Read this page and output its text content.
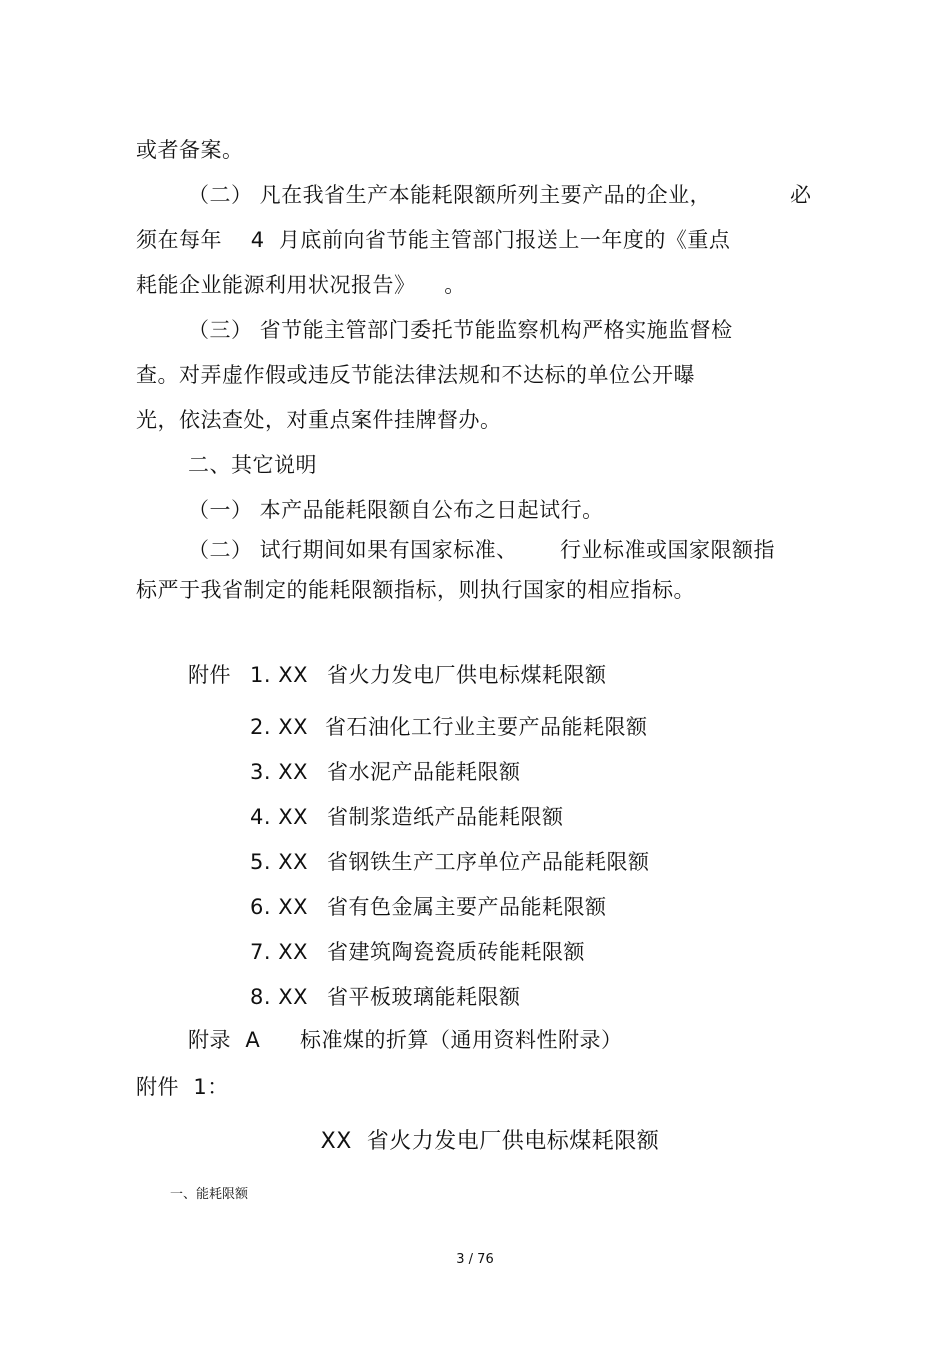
或者备案。
（二） 凡在我省生产本能耗限额所列主要产品的企业，	必
须在每年    4  月底前向省节能主管部门报送上一年度的《重点
耗能企业能源利用状况报告》    。
（三） 省节能主管部门委托节能监察机构严格实施监督检
查。对弄虚作假或违反节能法律法规和不达标的单位公开曝
光，依法查处，对重点案件挂牌督办。
二、其它说明
（一） 本产品能耗限额自公布之日起试行。
（二） 试行期间如果有国家标准、 行业标准或国家限额指
标严于我省制定的能耗限额指标，则执行国家的相应指标。
附件 1. XX 省火力发电厂供电标煤耗限额
2. XX 省石油化工行业主要产品能耗限额
3. XX 省水泥产品能耗限额
4. XX 省制浆造纸产品能耗限额
5. XX 省钢铁生产工序单位产品能耗限额
6. XX 省有色金属主要产品能耗限额
7. XX 省建筑陶瓷瓷质砖能耗限额
8. XX 省平板玻璃能耗限额
附录  A 标准煤的折算（通用资料性附录）
附件  1：
XX  省火力发电厂供电标煤耗限额
一、能耗限额
3 / 76
